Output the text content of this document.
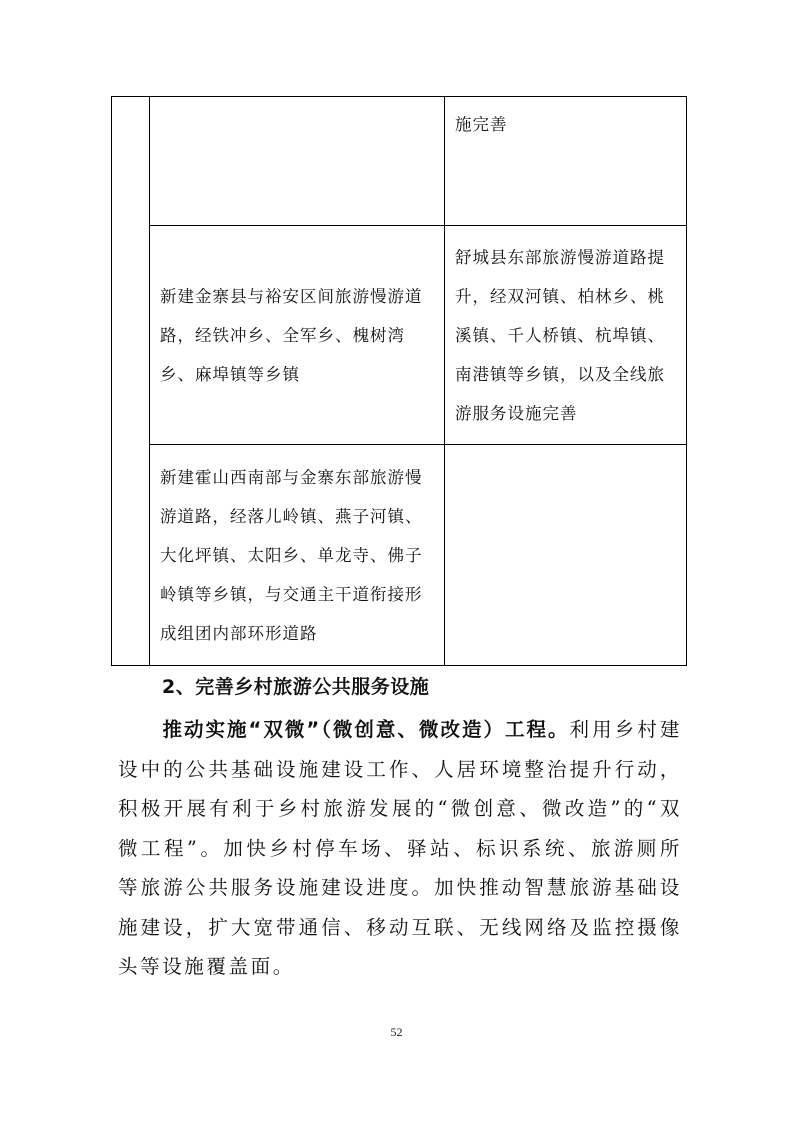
		施完善

	新建金寨县与裕安区间旅游慢游道路，经铁冲乡、全军乡、槐树湾乡、麻埠镇等乡镇	舒城县东部旅游慢游道路提升，经双河镇、柏林乡、桃溪镇、千人桥镇、杭埠镇、南港镇等乡镇，以及全线旅游服务设施完善

	新建霍山西南部与金寨东部旅游慢游道路，经落儿岭镇、燕子河镇、大化坪镇、太阳乡、单龙寺、佛子岭镇等乡镇，与交通主干道衔接形成组团内部环形道路	

2、完善乡村旅游公共服务设施
推动实施“双微”（微创意、微改造）工程。利用乡村建设中的公共基础设施建设工作、人居环境整治提升行动，积极开展有利于乡村旅游发展的“微创意、微改造”的“双微工程”。加快乡村停车场、驿站、标识系统、旅游厕所等旅游公共服务设施建设进度。加快推动智慧旅游基础设施建设，扩大宽带通信、移动互联、无线网络及监控摄像头等设施覆盖面。
52
